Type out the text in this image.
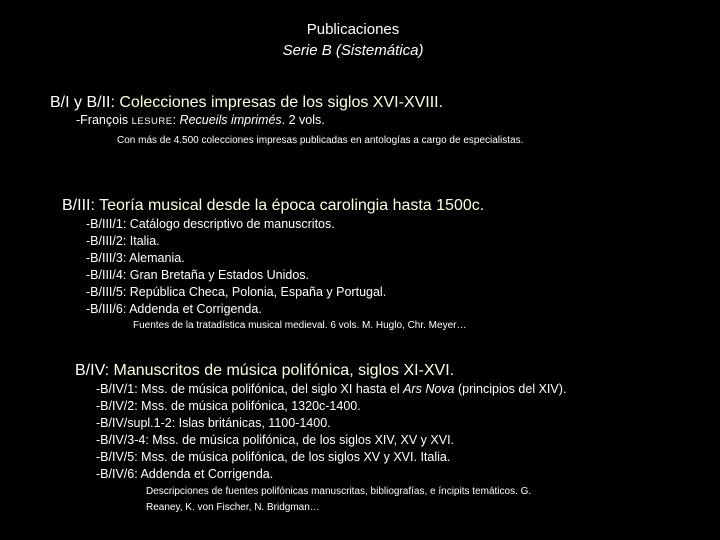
Publicaciones
Serie B (Sistemática)
B/I y B/II: Colecciones impresas de los siglos XVI-XVIII.
-François LESURE: Recueils imprimés. 2 vols.
Con más de 4.500 colecciones impresas publicadas en antologías a cargo de especialistas.
B/III: Teoría musical desde la época carolingia hasta 1500c.
-B/III/1: Catálogo descriptivo de manuscritos.
-B/III/2: Italia.
-B/III/3: Alemania.
-B/III/4: Gran Bretaña y Estados Unidos.
-B/III/5: República Checa, Polonia, España y Portugal.
-B/III/6: Addenda et Corrigenda.
Fuentes de la tratadística musical medieval. 6 vols. M. Huglo, Chr. Meyer…
B/IV: Manuscritos de música polifónica, siglos XI-XVI.
-B/IV/1: Mss. de música polifónica, del siglo XI hasta el Ars Nova (principios del XIV).
-B/IV/2: Mss. de música polifónica, 1320c-1400.
-B/IV/supl.1-2: Islas británicas, 1100-1400.
-B/IV/3-4: Mss. de música polifónica, de los siglos XIV, XV y XVI.
-B/IV/5: Mss. de música polifónica, de los siglos XV y XVI. Italia.
-B/IV/6: Addenda et Corrigenda.
Descripciones de fuentes polifónicas manuscritas, bibliografías, e íncipits temáticos. G.
Reaney, K. von Fischer, N. Bridgman…
